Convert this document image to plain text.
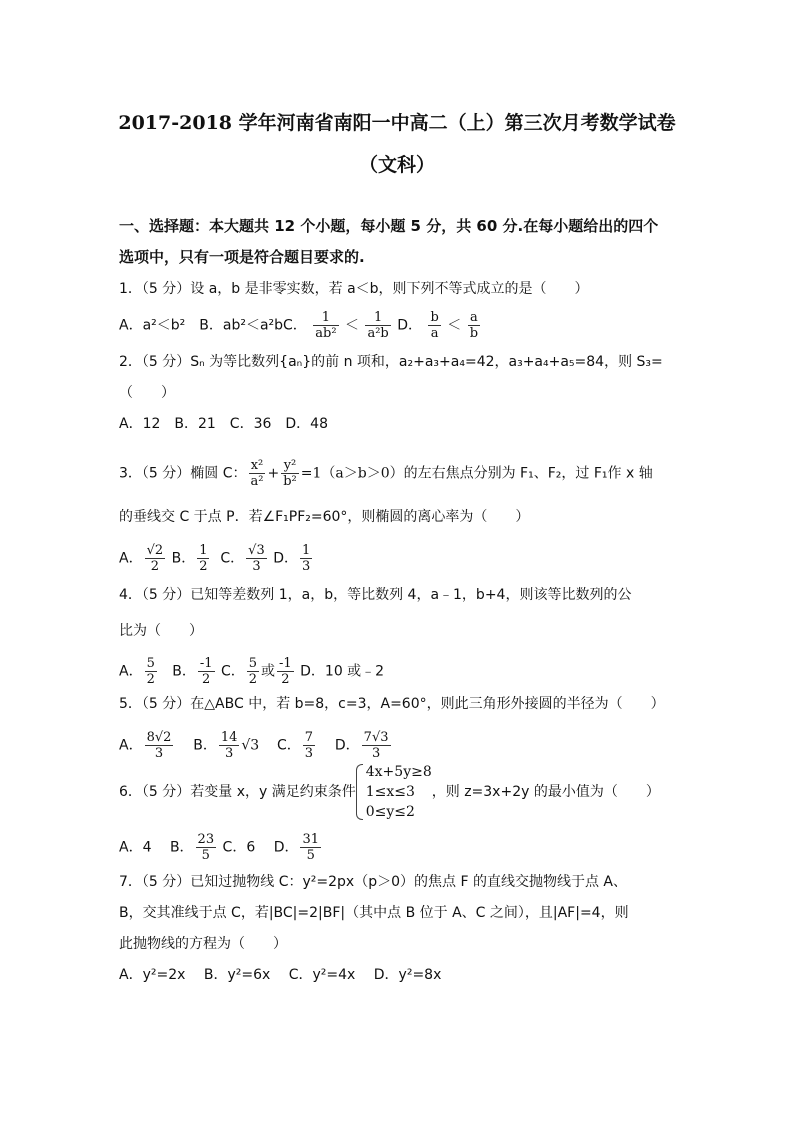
2017-2018 学年河南省南阳一中高二（上）第三次月考数学试卷
（文科）
一、选择题：本大题共 12 个小题，每小题 5 分，共 60 分.在每小题给出的四个
选项中，只有一项是符合题目要求的.
1．（5 分）设 a，b 是非零实数，若 a＜b，则下列不等式成立的是（　　）
A．a²＜b²　B．ab²＜a²bC． $\frac{1}{\text{ab²}} < \frac{1}{\text{a²b}}$ D． $\frac{b}{a} < \frac{a}{b}$
2．（5 分）Sₙ 为等比数列{aₙ}的前 n 项和，a₂+a₃+a₄=42，a₃+a₄+a₅=84，则 S₃=
（　　）
A．12　B．21　C．36　D．48
3．（5 分）椭圆 C： $\frac{\text{x²}}{\text{a²}} + \frac{\text{y²}}{\text{b²}} =1(a>b>0)$的左右焦点分别为 F₁、F₂，过 F₁作 x 轴
的垂线交 C 于点 P．若∠F₁PF₂=60°，则椭圆的离心率为（　　）
A． $\frac{√2}{2}$ B． $\frac{1}{2}$ C． $\frac{√3}{3}$ D． $\frac{1}{3}$
4．（5 分）已知等差数列 1，a，b，等比数列 4，a﹣1，b+4，则该等比数列的公
比为（　　）
A． $\frac{5}{2}$ B． $\frac{-1}{2}$ C． $\frac{5}{2}$ 或 $\frac{-1}{2}$ D．10 或﹣2
5．（5 分）在△ABC 中，若 b=8，c=3，A=60°，则此三角形外接圆的半径为（　　）
A． $\frac{8√2}{3}$ B． $\frac{14}{3} √3$ C． $\frac{7}{3}$ D． $\frac{7√3}{3}$
6．（5 分）若变量 x，y 满足约束条件
4x+5y≥8
1≤x≤3
0≤y≤2
，则 z=3x+2y 的最小值为（　　）
A．4　 B． $\frac{23}{5}$ C．6　 D． $\frac{31}{5}$
7．（5 分）已知过抛物线 C：y²=2px（p＞0）的焦点 F 的直线交抛物线于点 A、
B，交其准线于点 C，若|BC|=2|BF|（其中点 B 位于 A、C 之间），且|AF|=4，则
此抛物线的方程为（　　）
A．y²=2x　 B．y²=6x　 C．y²=4x　 D．y²=8x
